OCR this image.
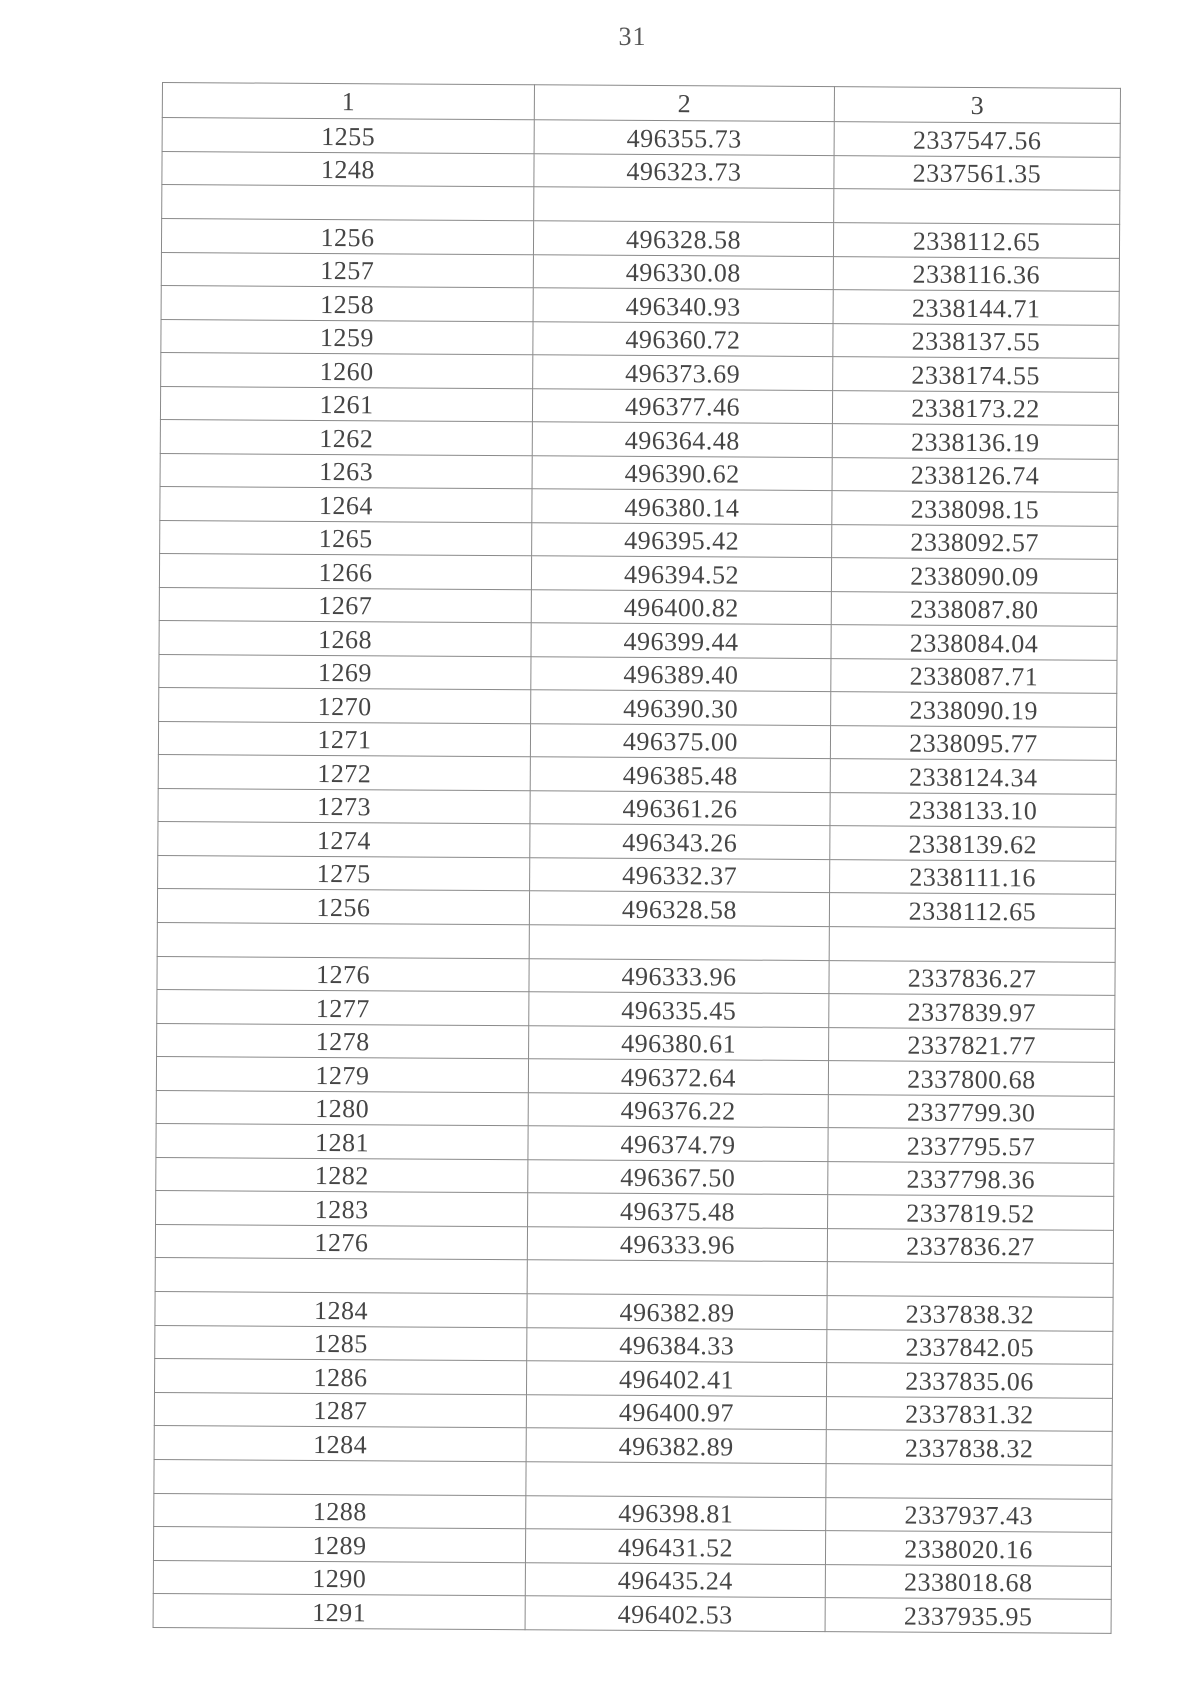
31
1	2	3
1255	496355.73	2337547.56
1248	496323.73	2337561.35

1256	496328.58	2338112.65
1257	496330.08	2338116.36
1258	496340.93	2338144.71
1259	496360.72	2338137.55
1260	496373.69	2338174.55
1261	496377.46	2338173.22
1262	496364.48	2338136.19
1263	496390.62	2338126.74
1264	496380.14	2338098.15
1265	496395.42	2338092.57
1266	496394.52	2338090.09
1267	496400.82	2338087.80
1268	496399.44	2338084.04
1269	496389.40	2338087.71
1270	496390.30	2338090.19
1271	496375.00	2338095.77
1272	496385.48	2338124.34
1273	496361.26	2338133.10
1274	496343.26	2338139.62
1275	496332.37	2338111.16
1256	496328.58	2338112.65

1276	496333.96	2337836.27
1277	496335.45	2337839.97
1278	496380.61	2337821.77
1279	496372.64	2337800.68
1280	496376.22	2337799.30
1281	496374.79	2337795.57
1282	496367.50	2337798.36
1283	496375.48	2337819.52
1276	496333.96	2337836.27

1284	496382.89	2337838.32
1285	496384.33	2337842.05
1286	496402.41	2337835.06
1287	496400.97	2337831.32
1284	496382.89	2337838.32

1288	496398.81	2337937.43
1289	496431.52	2338020.16
1290	496435.24	2338018.68
1291	496402.53	2337935.95
